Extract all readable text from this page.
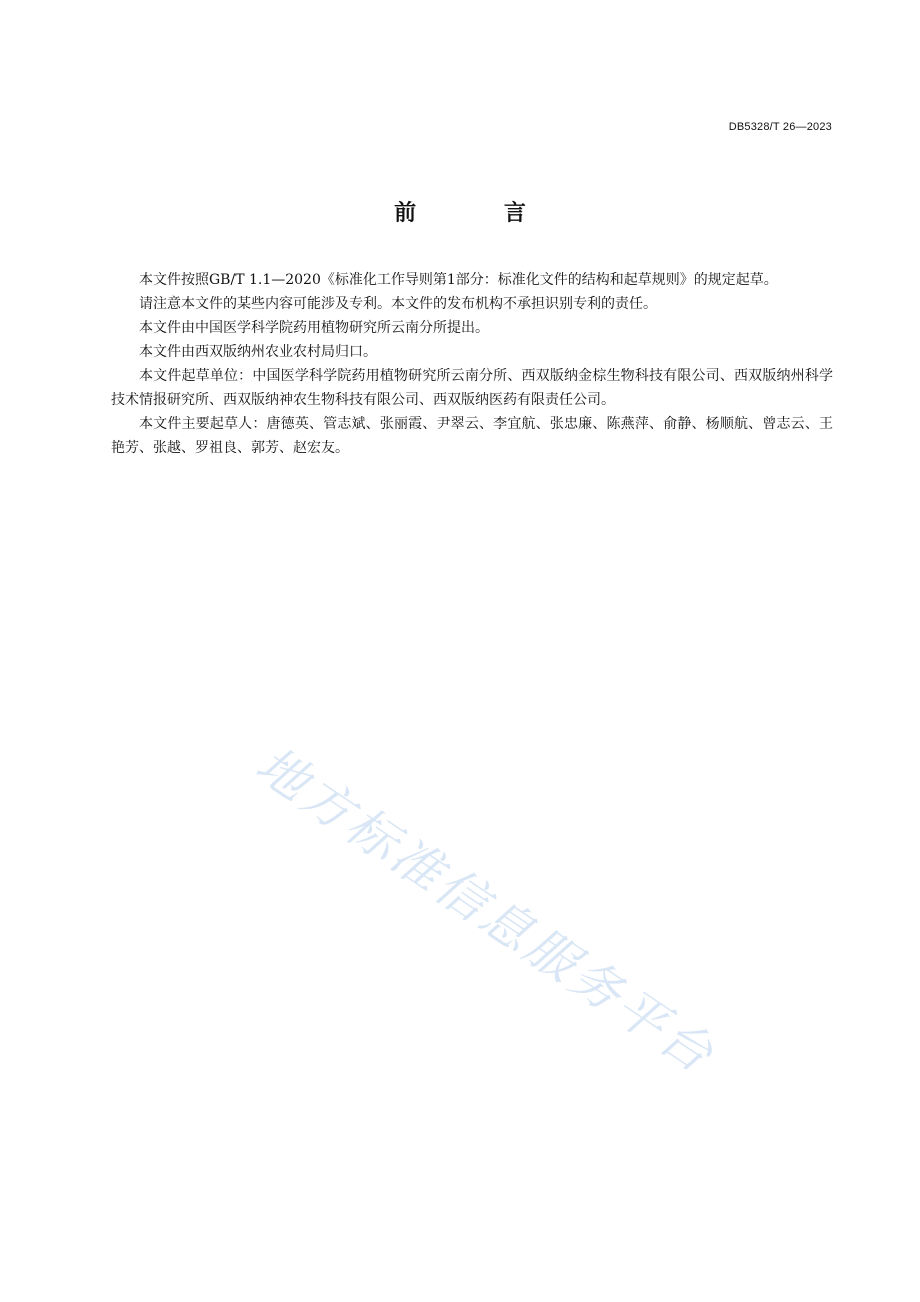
DB5328/T 26—2023
前 言

本文件按照GB/T 1.1—2020《标准化工作导则第1部分：标准化文件的结构和起草规则》的规定起草。

请注意本文件的某些内容可能涉及专利。本文件的发布机构不承担识别专利的责任。

本文件由中国医学科学院药用植物研究所云南分所提出。

本文件由西双版纳州农业农村局归口。

本文件起草单位：中国医学科学院药用植物研究所云南分所、西双版纳金棕生物科技有限公司、西双版纳州科学技术情报研究所、西双版纳神农生物科技有限公司、西双版纳医药有限责任公司。

本文件主要起草人：唐德英、管志斌、张丽霞、尹翠云、李宜航、张忠廉、陈燕萍、俞静、杨顺航、曾志云、王艳芳、张越、罗祖良、郭芳、赵宏友。

地方标准信息服务平台
